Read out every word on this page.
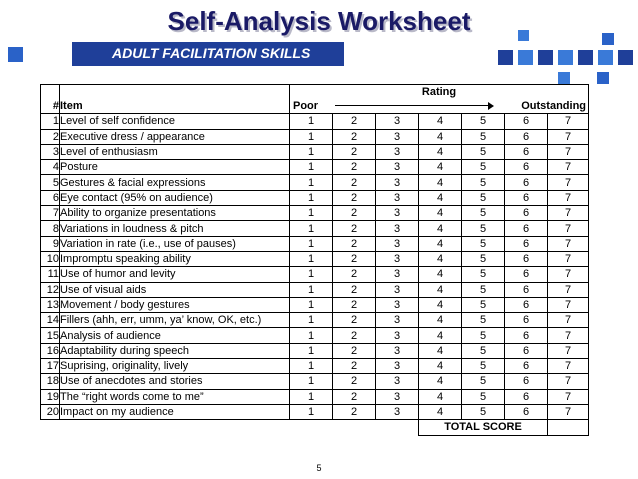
Self-Analysis Worksheet
ADULT FACILITATION SKILLS
		Rating						
#	Item	Poor Outstanding						

1	Level of self confidence	1	2	3	4	5	6	7
2	Executive dress / appearance	1	2	3	4	5	6	7
3	Level of enthusiasm	1	2	3	4	5	6	7
4	Posture	1	2	3	4	5	6	7
5	Gestures & facial expressions	1	2	3	4	5	6	7
6	Eye contact (95% on audience)	1	2	3	4	5	6	7
7	Ability to organize presentations	1	2	3	4	5	6	7
8	Variations in loudness & pitch	1	2	3	4	5	6	7
9	Variation in rate (i.e., use of pauses)	1	2	3	4	5	6	7
10	Impromptu speaking ability	1	2	3	4	5	6	7
11	Use of humor and levity	1	2	3	4	5	6	7
12	Use of visual aids	1	2	3	4	5	6	7
13	Movement / body gestures	1	2	3	4	5	6	7
14	Fillers (ahh, err, umm, ya’ know, OK, etc.)	1	2	3	4	5	6	7
15	Analysis of audience	1	2	3	4	5	6	7
16	Adaptability during speech	1	2	3	4	5	6	7
17	Suprising, originality, lively	1	2	3	4	5	6	7
18	Use of anecdotes and stories	1	2	3	4	5	6	7
19	The “right words come to me”	1	2	3	4	5	6	7
20	Impact on my audience	1	2	3	4	5	6	7
					TOTAL SCORE			
5
